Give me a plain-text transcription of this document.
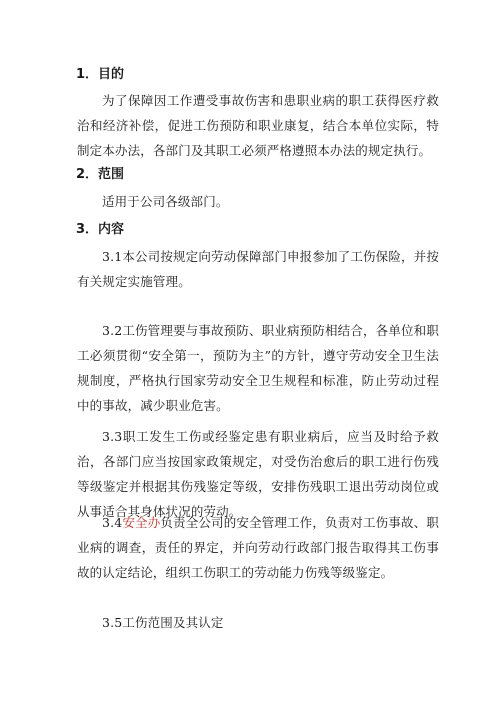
1．目的
为了保障因工作遭受事故伤害和患职业病的职工获得医疗救治和经济补偿，促进工伤预防和职业康复，结合本单位实际，特制定本办法，各部门及其职工必须严格遵照本办法的规定执行。
2．范围
适用于公司各级部门。
3．内容
3.1本公司按规定向劳动保障部门申报参加了工伤保险，并按有关规定实施管理。
3.2工伤管理要与事故预防、职业病预防相结合，各单位和职工必须贯彻“安全第一，预防为主”的方针，遵守劳动安全卫生法规制度，严格执行国家劳动安全卫生规程和标准，防止劳动过程中的事故，减少职业危害。
3.3职工发生工伤或经鉴定患有职业病后，应当及时给予救治，各部门应当按国家政策规定，对受伤治愈后的职工进行伤残等级鉴定并根据其伤残鉴定等级，安排伤残职工退出劳动岗位或从事适合其身体状况的劳动。
3.4安全办负责全公司的安全管理工作，负责对工伤事故、职业病的调查，责任的界定，并向劳动行政部门报告取得其工伤事故的认定结论，组织工伤职工的劳动能力伤残等级鉴定。
3.5工伤范围及其认定
